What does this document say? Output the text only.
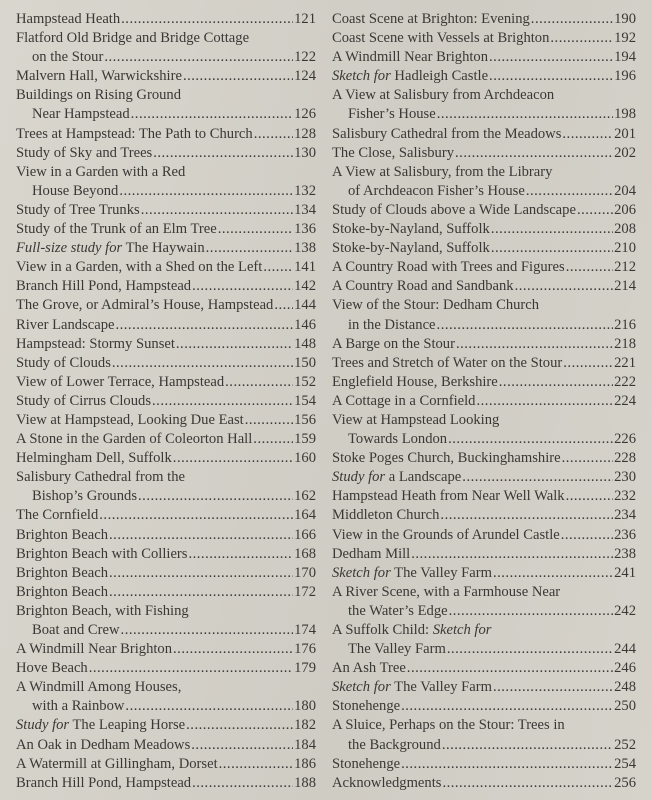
Hampstead Heath .....	121
Flatford Old Bridge and Bridge Cottage
on the Stour .....	122
Malvern Hall, Warwickshire .....	124
Buildings on Rising Ground
Near Hampstead .....	126
Trees at Hampstead: The Path to Church .....	128
Study of Sky and Trees .....	130
View in a Garden with a Red
House Beyond .....	132
Study of Tree Trunks .....	134
Study of the Trunk of an Elm Tree .....	136
Full-size study for The Haywain .....	138
View in a Garden, with a Shed on the Left ..... 141
Branch Hill Pond, Hampstead .....	142
The Grove, or Admiral’s House, Hampstead ..... 144
River Landscape .....	146
Hampstead: Stormy Sunset .....	148
Study of Clouds .....	150
View of Lower Terrace, Hampstead .....	152
Study of Cirrus Clouds .....	154
View at Hampstead, Looking Due East .....	156
A Stone in the Garden of Coleorton Hall .....	159
Helmingham Dell, Suffolk .....	160
Salisbury Cathedral from the
Bishop’s Grounds .....	162
The Cornfield .....	164
Brighton Beach .....	166
Brighton Beach with Colliers .....	168
Brighton Beach .....	170
Brighton Beach .....	172
Brighton Beach, with Fishing
Boat and Crew .....	174
A Windmill Near Brighton .....	176
Hove Beach .....	179
A Windmill Among Houses,
with a Rainbow .....	180
Study for The Leaping Horse .....	182
An Oak in Dedham Meadows .....	184
A Watermill at Gillingham, Dorset .....	186
Branch Hill Pond, Hampstead .....	188
Coast Scene at Brighton: Evening .....	190
Coast Scene with Vessels at Brighton .....	192
A Windmill Near Brighton .....	194
Sketch for Hadleigh Castle .....	196
A View at Salisbury from Archdeacon
Fisher’s House .....	198
Salisbury Cathedral from the Meadows .....	201
The Close, Salisbury .....	202
A View at Salisbury, from the Library
of Archdeacon Fisher’s House .....	204
Study of Clouds above a Wide Landscape .....	206
Stoke-by-Nayland, Suffolk .....	208
Stoke-by-Nayland, Suffolk .....	210
A Country Road with Trees and Figures .....	212
A Country Road and Sandbank .....	214
View of the Stour: Dedham Church
in the Distance .....	216
A Barge on the Stour .....	218
Trees and Stretch of Water on the Stour .....	221
Englefield House, Berkshire .....	222
A Cottage in a Cornfield .....	224
View at Hampstead Looking
Towards London .....	226
Stoke Poges Church, Buckinghamshire .....	228
Study for a Landscape .....	230
Hampstead Heath from Near Well Walk .....	232
Middleton Church .....	234
View in the Grounds of Arundel Castle .....	236
Dedham Mill .....	238
Sketch for The Valley Farm .....	241
A River Scene, with a Farmhouse Near
the Water’s Edge .....	242
A Suffolk Child: Sketch for
The Valley Farm .....	244
An Ash Tree .....	246
Sketch for The Valley Farm .....	248
Stonehenge .....	250
A Sluice, Perhaps on the Stour: Trees in
the Background .....	252
Stonehenge .....	254
Acknowledgments .....	256
